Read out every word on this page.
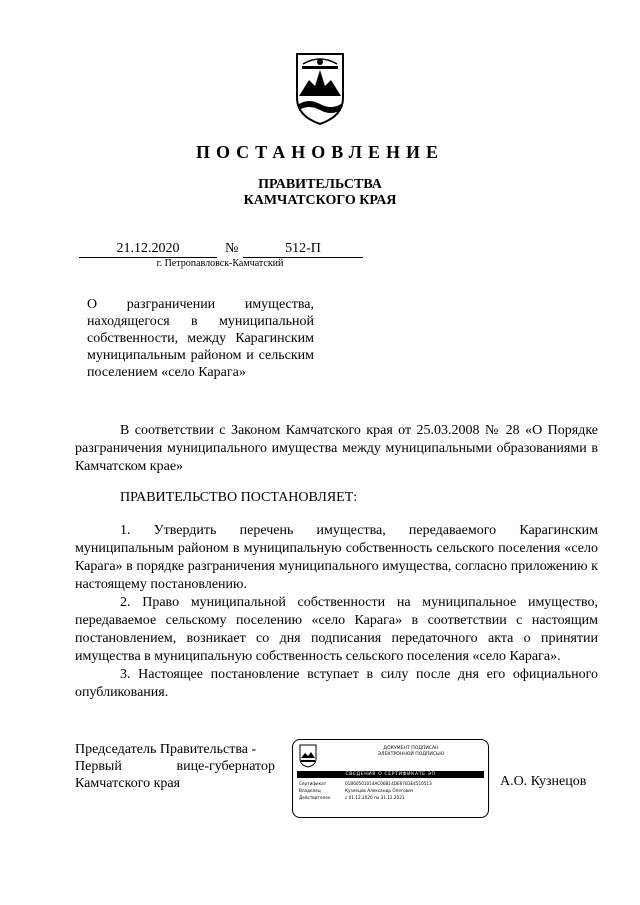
ПОСТАНОВЛЕНИЕ
ПРАВИТЕЛЬСТВА
КАМЧАТСКОГО КРАЯ
21.12.2020	№	512-П
г. Петропавловск-Камчатский
О разграничении имущества, находящегося в муниципальной собственности, между Карагинским муниципальным районом и сельским поселением «село Карага»
В соответствии с Законом Камчатского края от 25.03.2008 № 28 «О Порядке разграничения муниципального имущества между муниципальными образованиями в Камчатском крае»
ПРАВИТЕЛЬСТВО ПОСТАНОВЛЯЕТ:

1. Утвердить перечень имущества, передаваемого Карагинским муниципальным районом в муниципальную собственность сельского поселения «село Карага» в порядке разграничения муниципального имущества, согласно приложению к настоящему постановлению.

2. Право муниципальной собственности на муниципальное имущество, передаваемое сельскому поселению «село Карага» в соответствии с настоящим постановлением, возникает со дня подписания передаточного акта о принятии имущества в муниципальную собственность сельского поселения «село Карага».

3. Настоящее постановление вступает в силу после дня его официального опубликования.

Председатель Правительства -
Первый	вице-губернатор
Камчатского края
ДОКУМЕНТ ПОДПИСАН
ЭЛЕКТРОННОЙ ПОДПИСЬЮ
СВЕДЕНИЯ О СЕРТИФИКАТЕ ЭП
Сертификат	01B60501014AC06B14DE67B3E4510513
Владелец	Кузнецов Александр Олегович
Действителен	с 01.12.2020 по 31.12.2021
А.О. Кузнецов
